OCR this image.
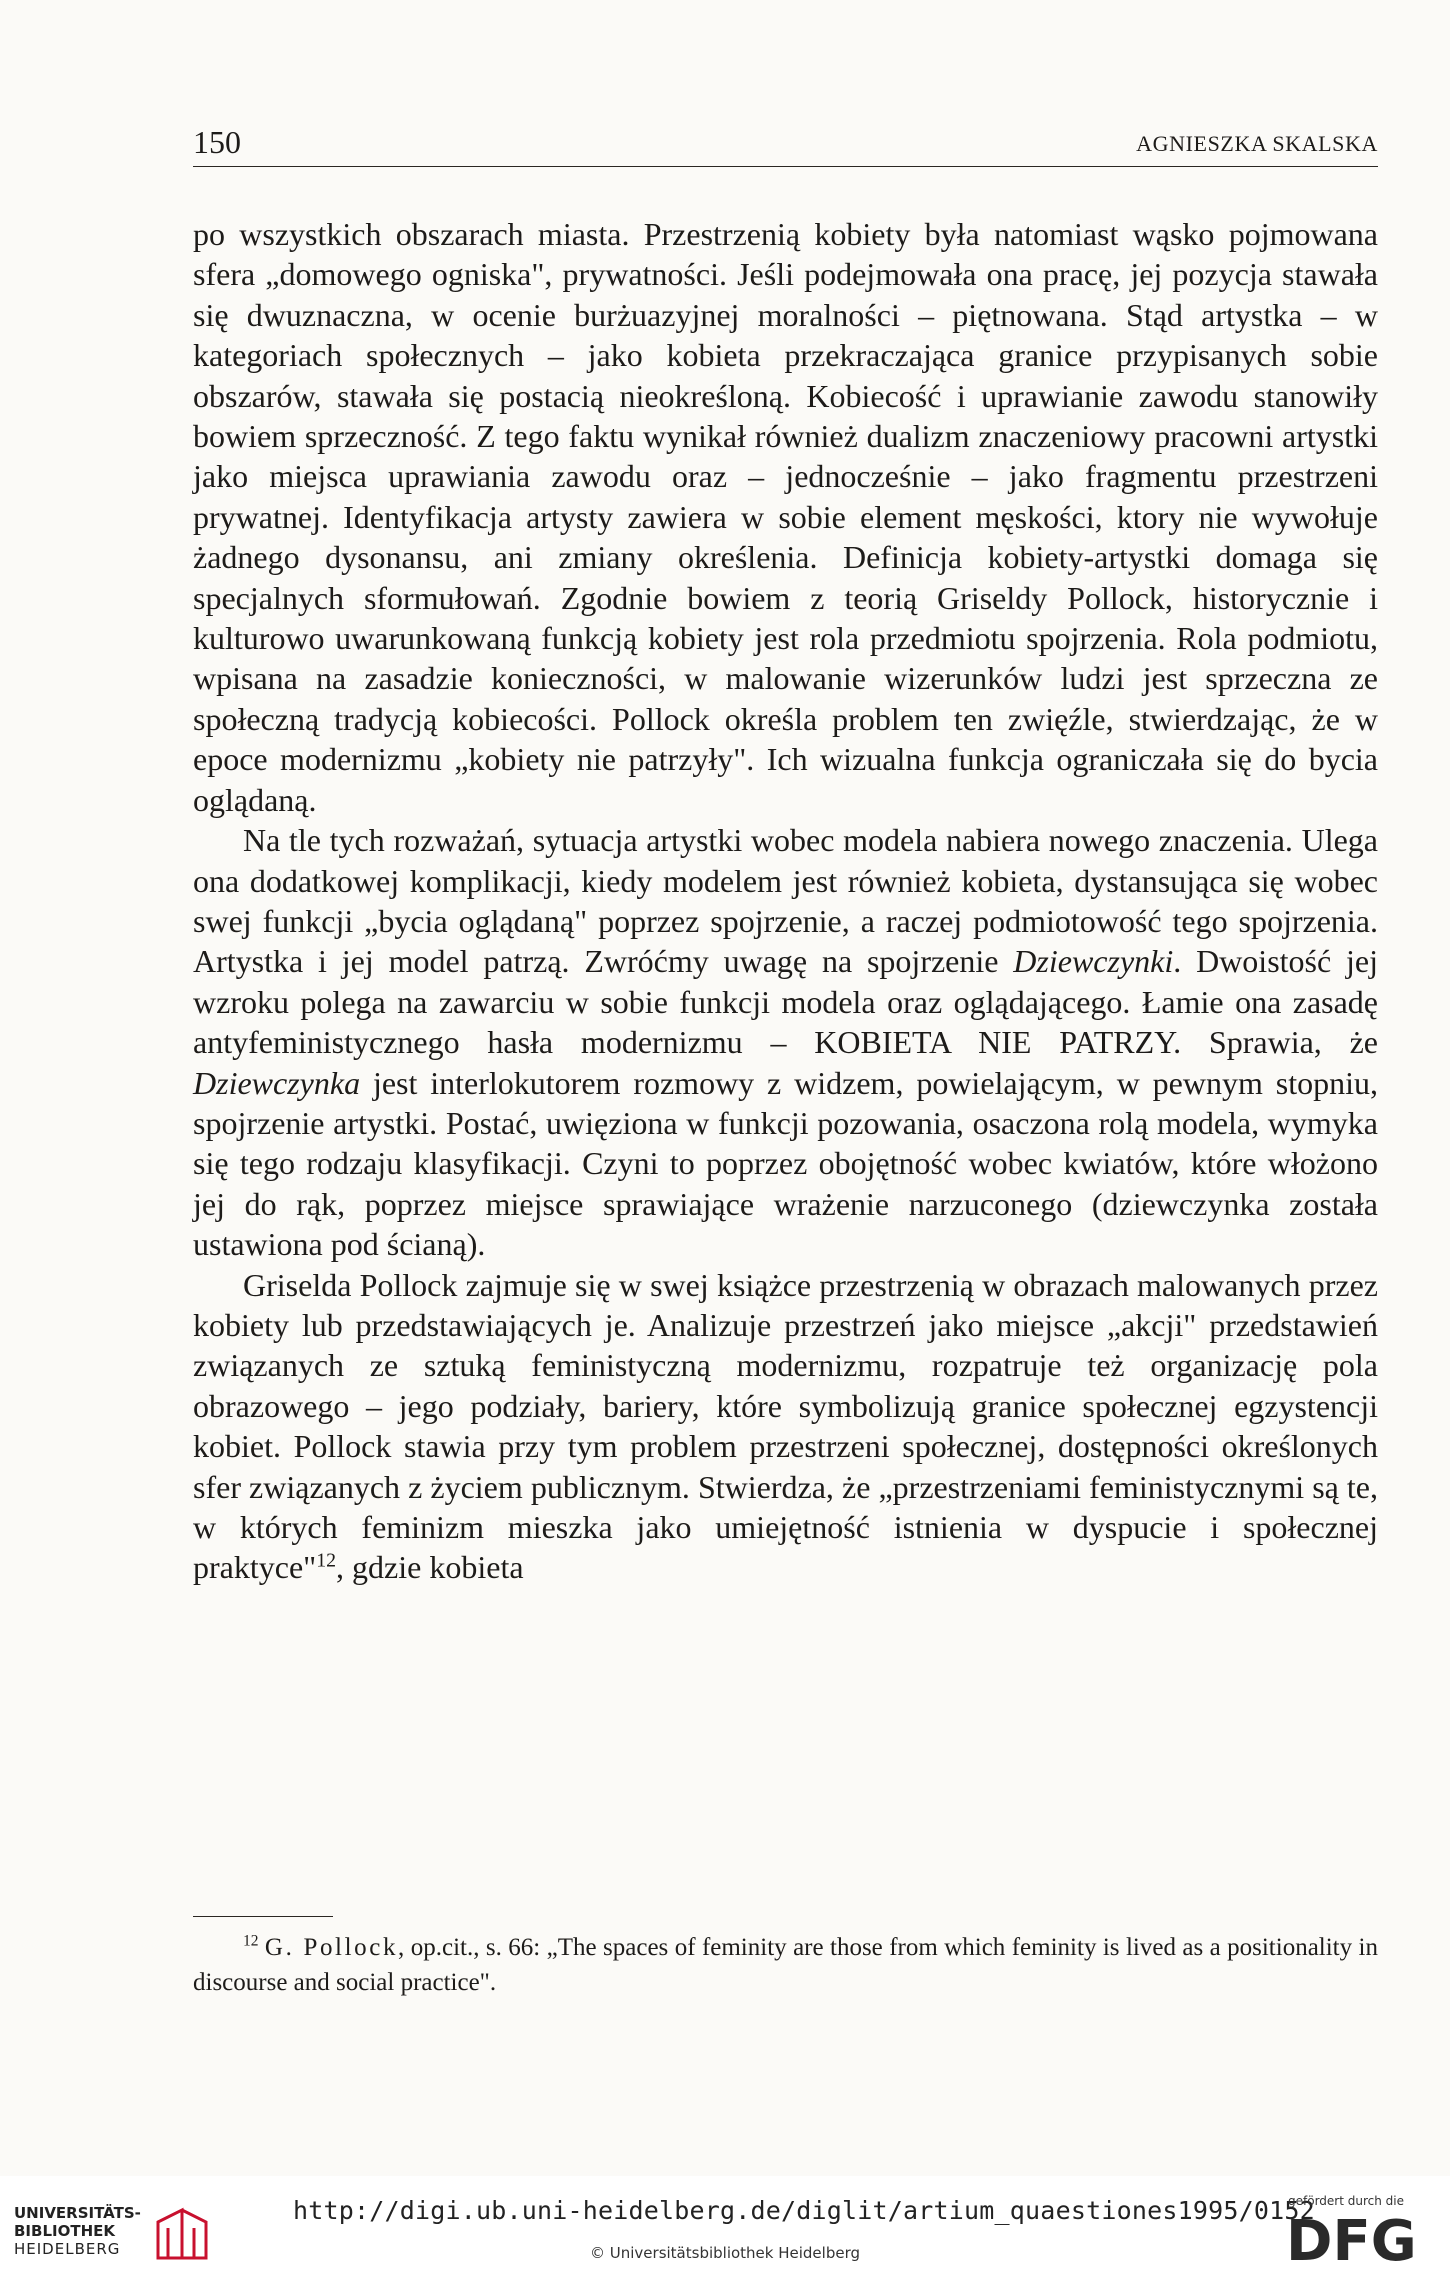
150	AGNIESZKA SKALSKA

po wszystkich obszarach miasta. Przestrzenią kobiety była natomiast wąsko pojmowana sfera „domowego ogniska", prywatności. Jeśli podejmowała ona pracę, jej pozycja stawała się dwuznaczna, w ocenie burżuazyjnej moralności – piętnowana. Stąd artystka – w kategoriach społecznych – jako kobieta przekraczająca granice przypisanych sobie obszarów, stawała się postacią nieokreśloną. Kobiecość i uprawianie zawodu stanowiły bowiem sprzeczność. Z tego faktu wynikał również dualizm znaczeniowy pracowni artystki jako miejsca uprawiania zawodu oraz – jednocześnie – jako fragmentu przestrzeni prywatnej. Identyfikacja artysty zawiera w sobie element męskości, ktory nie wywołuje żadnego dysonansu, ani zmiany określenia. Definicja kobiety-artystki domaga się specjalnych sformułowań. Zgodnie bowiem z teorią Griseldy Pollock, historycznie i kulturowo uwarunkowaną funkcją kobiety jest rola przedmiotu spojrzenia. Rola podmiotu, wpisana na zasadzie konieczności, w malowanie wizerunków ludzi jest sprzeczna ze społeczną tradycją kobiecości. Pollock określa problem ten zwięźle, stwierdzając, że w epoce modernizmu „kobiety nie patrzyły". Ich wizualna funkcja ograniczała się do bycia oglądaną.

Na tle tych rozważań, sytuacja artystki wobec modela nabiera nowego znaczenia. Ulega ona dodatkowej komplikacji, kiedy modelem jest również kobieta, dystansująca się wobec swej funkcji „bycia oglądaną" poprzez spojrzenie, a raczej podmiotowość tego spojrzenia. Artystka i jej model patrzą. Zwróćmy uwagę na spojrzenie Dziewczynki. Dwoistość jej wzroku polega na zawarciu w sobie funkcji modela oraz oglądającego. Łamie ona zasadę antyfeministycznego hasła modernizmu – KOBIETA NIE PATRZY. Sprawia, że Dziewczynka jest interlokutorem rozmowy z widzem, powielającym, w pewnym stopniu, spojrzenie artystki. Postać, uwięziona w funkcji pozowania, osaczona rolą modela, wymyka się tego rodzaju klasyfikacji. Czyni to poprzez obojętność wobec kwiatów, które włożono jej do rąk, poprzez miejsce sprawiające wrażenie narzuconego (dziewczynka została ustawiona pod ścianą).

Griselda Pollock zajmuje się w swej książce przestrzenią w obrazach malowanych przez kobiety lub przedstawiających je. Analizuje przestrzeń jako miejsce „akcji" przedstawień związanych ze sztuką feministyczną modernizmu, rozpatruje też organizację pola obrazowego – jego podziały, bariery, które symbolizują granice społecznej egzystencji kobiet. Pollock stawia przy tym problem przestrzeni społecznej, dostępności określonych sfer związanych z życiem publicznym. Stwierdza, że „przestrzeniami feministycznymi są te, w których feminizm mieszka jako umiejętność istnienia w dyspucie i społecznej praktyce"$^{12}$, gdzie kobieta

$^{12}$ G. Pollock, op.cit., s. 66: „The spaces of feminity are those from which feminity is lived as a positionality in discourse and social practice".
UNIVERSITÄTS-
BIBLIOTHEK
HEIDELBERG
http://digi.ub.uni-heidelberg.de/diglit/artium_quaestiones1995/0152
© Universitätsbibliothek Heidelberg
gefördert durch die
DFG
